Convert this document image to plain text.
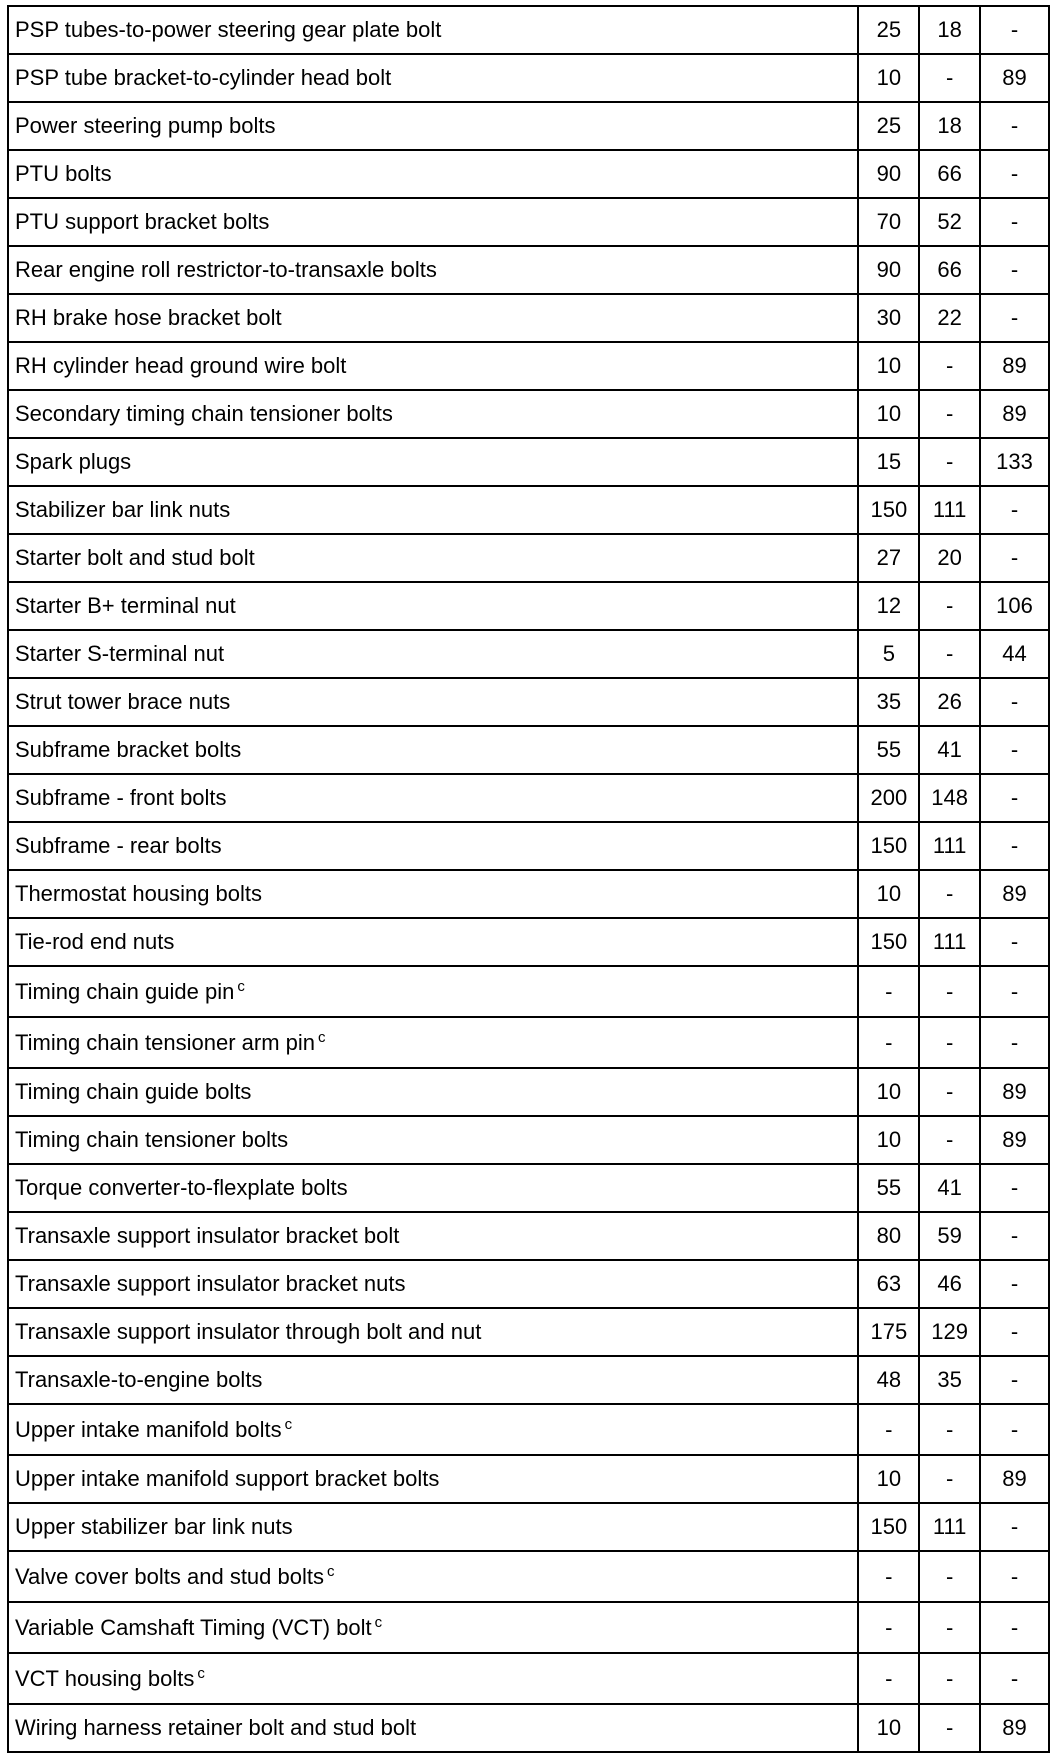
PSP tubes-to-power steering gear plate bolt	25	18	-
PSP tube bracket-to-cylinder head bolt	10	-	89
Power steering pump bolts	25	18	-
PTU bolts	90	66	-
PTU support bracket bolts	70	52	-
Rear engine roll restrictor-to-transaxle bolts	90	66	-
RH brake hose bracket bolt	30	22	-
RH cylinder head ground wire bolt	10	-	89
Secondary timing chain tensioner bolts	10	-	89
Spark plugs	15	-	133
Stabilizer bar link nuts	150	111	-
Starter bolt and stud bolt	27	20	-
Starter B+ terminal nut	12	-	106
Starter S-terminal nut	5	-	44
Strut tower brace nuts	35	26	-
Subframe bracket bolts	55	41	-
Subframe - front bolts	200	148	-
Subframe - rear bolts	150	111	-
Thermostat housing bolts	10	-	89
Tie-rod end nuts	150	111	-
Timing chain guide pin $^c$	-	-	-
Timing chain tensioner arm pin $^c$	-	-	-
Timing chain guide bolts	10	-	89
Timing chain tensioner bolts	10	-	89
Torque converter-to-flexplate bolts	55	41	-
Transaxle support insulator bracket bolt	80	59	-
Transaxle support insulator bracket nuts	63	46	-
Transaxle support insulator through bolt and nut	175	129	-
Transaxle-to-engine bolts	48	35	-
Upper intake manifold bolts $^c$	-	-	-
Upper intake manifold support bracket bolts	10	-	89
Upper stabilizer bar link nuts	150	111	-
Valve cover bolts and stud bolts $^c$	-	-	-
Variable Camshaft Timing (VCT) bolt $^c$	-	-	-
VCT housing bolts $^c$	-	-	-
Wiring harness retainer bolt and stud bolt	10	-	89
